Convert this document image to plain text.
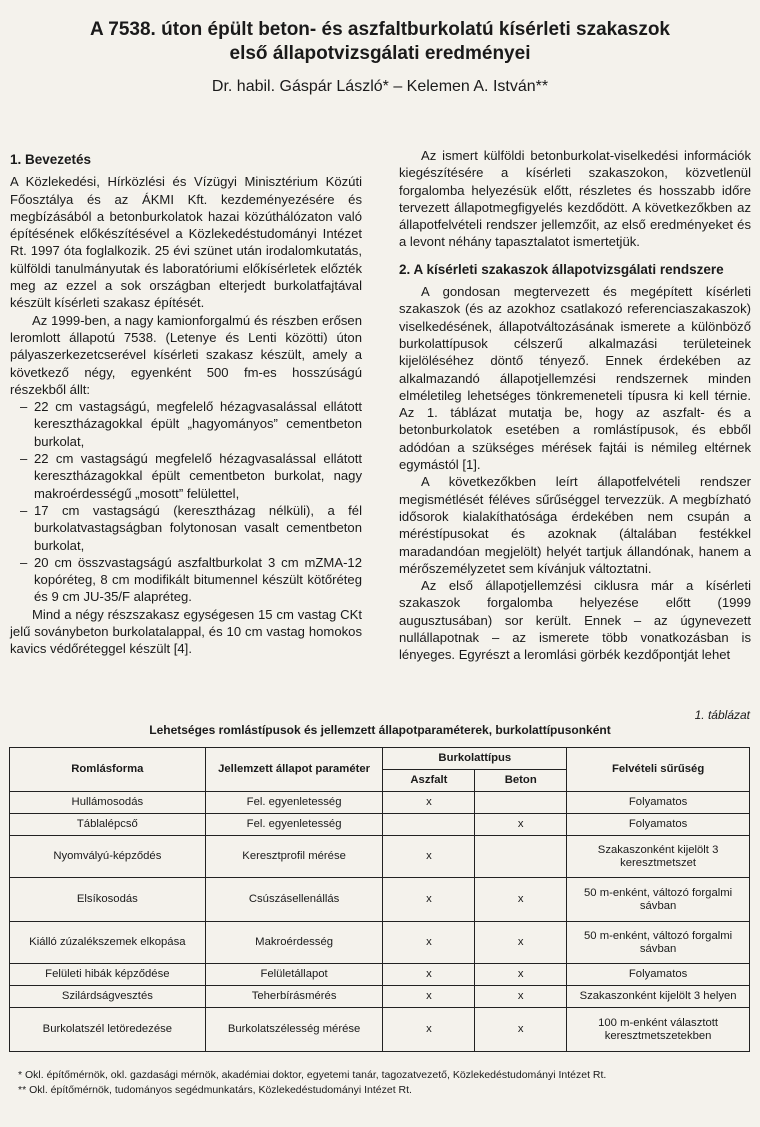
A 7538. úton épült beton- és aszfaltburkolatú kísérleti szakaszok
első állapotvizsgálati eredményei
Dr. habil. Gáspár László* – Kelemen A. István**
1. Bevezetés

A Közlekedési, Hírközlési és Vízügyi Minisztérium Közúti Főosztálya és az ÁKMI Kft. kezdeményezésére és megbízásából a betonburkolatok hazai közúthálózaton való építésének előkészítésével a Közlekedéstudományi Intézet Rt. 1997 óta foglalkozik. 25 évi szünet után irodalomkutatás, külföldi tanulmányutak és laboratóriumi előkísérletek előzték meg az ezzel a sok országban elterjedt burkolatfajtával készült kísérleti szakasz építését.

Az 1999-ben, a nagy kamionforgalmú és részben erősen leromlott állapotú 7538. (Letenye és Lenti közötti) úton pályaszerkezetcserével kísérleti szakasz készült, amely a következő négy, egyenként 500 fm-es hosszúságú részekből állt:

– 22 cm vastagságú, megfelelő hézagvasalással ellátott keresztházagokkal épült „hagyományos” cementbeton burkolat,
– 22 cm vastagságú megfelelő hézagvasalással ellátott keresztházagokkal épült cementbeton burkolat, nagy makroérdességű „mosott” felülettel,
– 17 cm vastagságú (keresztházag nélküli), a fél burkolatvastagságban folytonosan vasalt cementbeton burkolat,
– 20 cm összvastagságú aszfaltburkolat 3 cm mZMA-12 kopóréteg, 8 cm modifikált bitumennel készült kötőréteg és 9 cm JU-35/F alapréteg.

Mind a négy részszakasz egységesen 15 cm vastag CKt jelű soványbeton burkolatalappal, és 10 cm vastag homokos kavics védőréteggel készült [4].

Az ismert külföldi betonburkolat-viselkedési információk kiegészítésére a kísérleti szakaszokon, közvetlenül forgalomba helyezésük előtt, részletes és hosszabb időre tervezett állapotmegfigyelés kezdődött. A következőkben az állapotfelvételi rendszer jellemzőit, az első eredményeket és a levont néhány tapasztalatot ismertetjük.

2. A kísérleti szakaszok állapotvizsgálati rendszere

A gondosan megtervezett és megépített kísérleti szakaszok (és az azokhoz csatlakozó referenciaszakaszok) viselkedésének, állapotváltozásának ismerete a különböző burkolattípusok célszerű alkalmazási területeinek kijelöléséhez döntő tényező. Ennek érdekében az alkalmazandó állapotjellemzési rendszernek minden elméletileg lehetséges tönkremeneteli típusra ki kell térnie. Az 1. táblázat mutatja be, hogy az aszfalt- és a betonburkolatok esetében a romlástípusok, és ebből adódóan a szükséges mérések fajtái is némileg eltérnek egymástól [1].

A következőkben leírt állapotfelvételi rendszer megismétlését féléves sűrűséggel tervezzük. A megbízható idősorok kialakíthatósága érdekében nem csupán a méréstípusokat és azoknak (általában festékkel maradandóan megjelölt) helyét tartjuk állandónak, hanem a mérőszemélyzetet sem kívánjuk változtatni.

Az első állapotjellemzési ciklusra már a kísérleti szakaszok forgalomba helyezése előtt (1999 augusztusában) sor került. Ennek – az úgynevezett nullállapotnak – az ismerete több vonatkozásban is lényeges. Egyrészt a leromlási görbék kezdőpontját lehet

1. táblázat
Lehetséges romlástípusok és jellemzett állapotparaméterek, burkolattípusonként
Romlásforma	Jellemzett állapot paraméter	Burkolattípus		Felvételi sűrűség
		Aszfalt	Beton	
Hullámosodás	Fel. egyenletesség	x		Folyamatos
Táblalépcső	Fel. egyenletesség		x	Folyamatos
Nyomvályú-képződés	Keresztprofil mérése	x		Szakaszonként kijelölt 3 keresztmetszet
Elsíkosodás	Csúszásellenállás	x	x	50 m-enként, változó forgalmi sávban
Kiálló zúzalékszemek elkopása	Makroérdesség	x	x	50 m-enként, változó forgalmi sávban
Felületi hibák képződése	Felületállapot	x	x	Folyamatos
Szilárdságvesztés	Teherbírásmérés	x	x	Szakaszonként kijelölt 3 helyen
Burkolatszél letöredezése	Burkolatszélesség mérése	x	x	100 m-enként választott keresztmetszetekben
* Okl. építőmérnök, okl. gazdasági mérnök, akadémiai doktor, egyetemi tanár, tagozatvezető, Közlekedéstudományi Intézet Rt.
** Okl. építőmérnök, tudományos segédmunkatárs, Közlekedéstudományi Intézet Rt.
